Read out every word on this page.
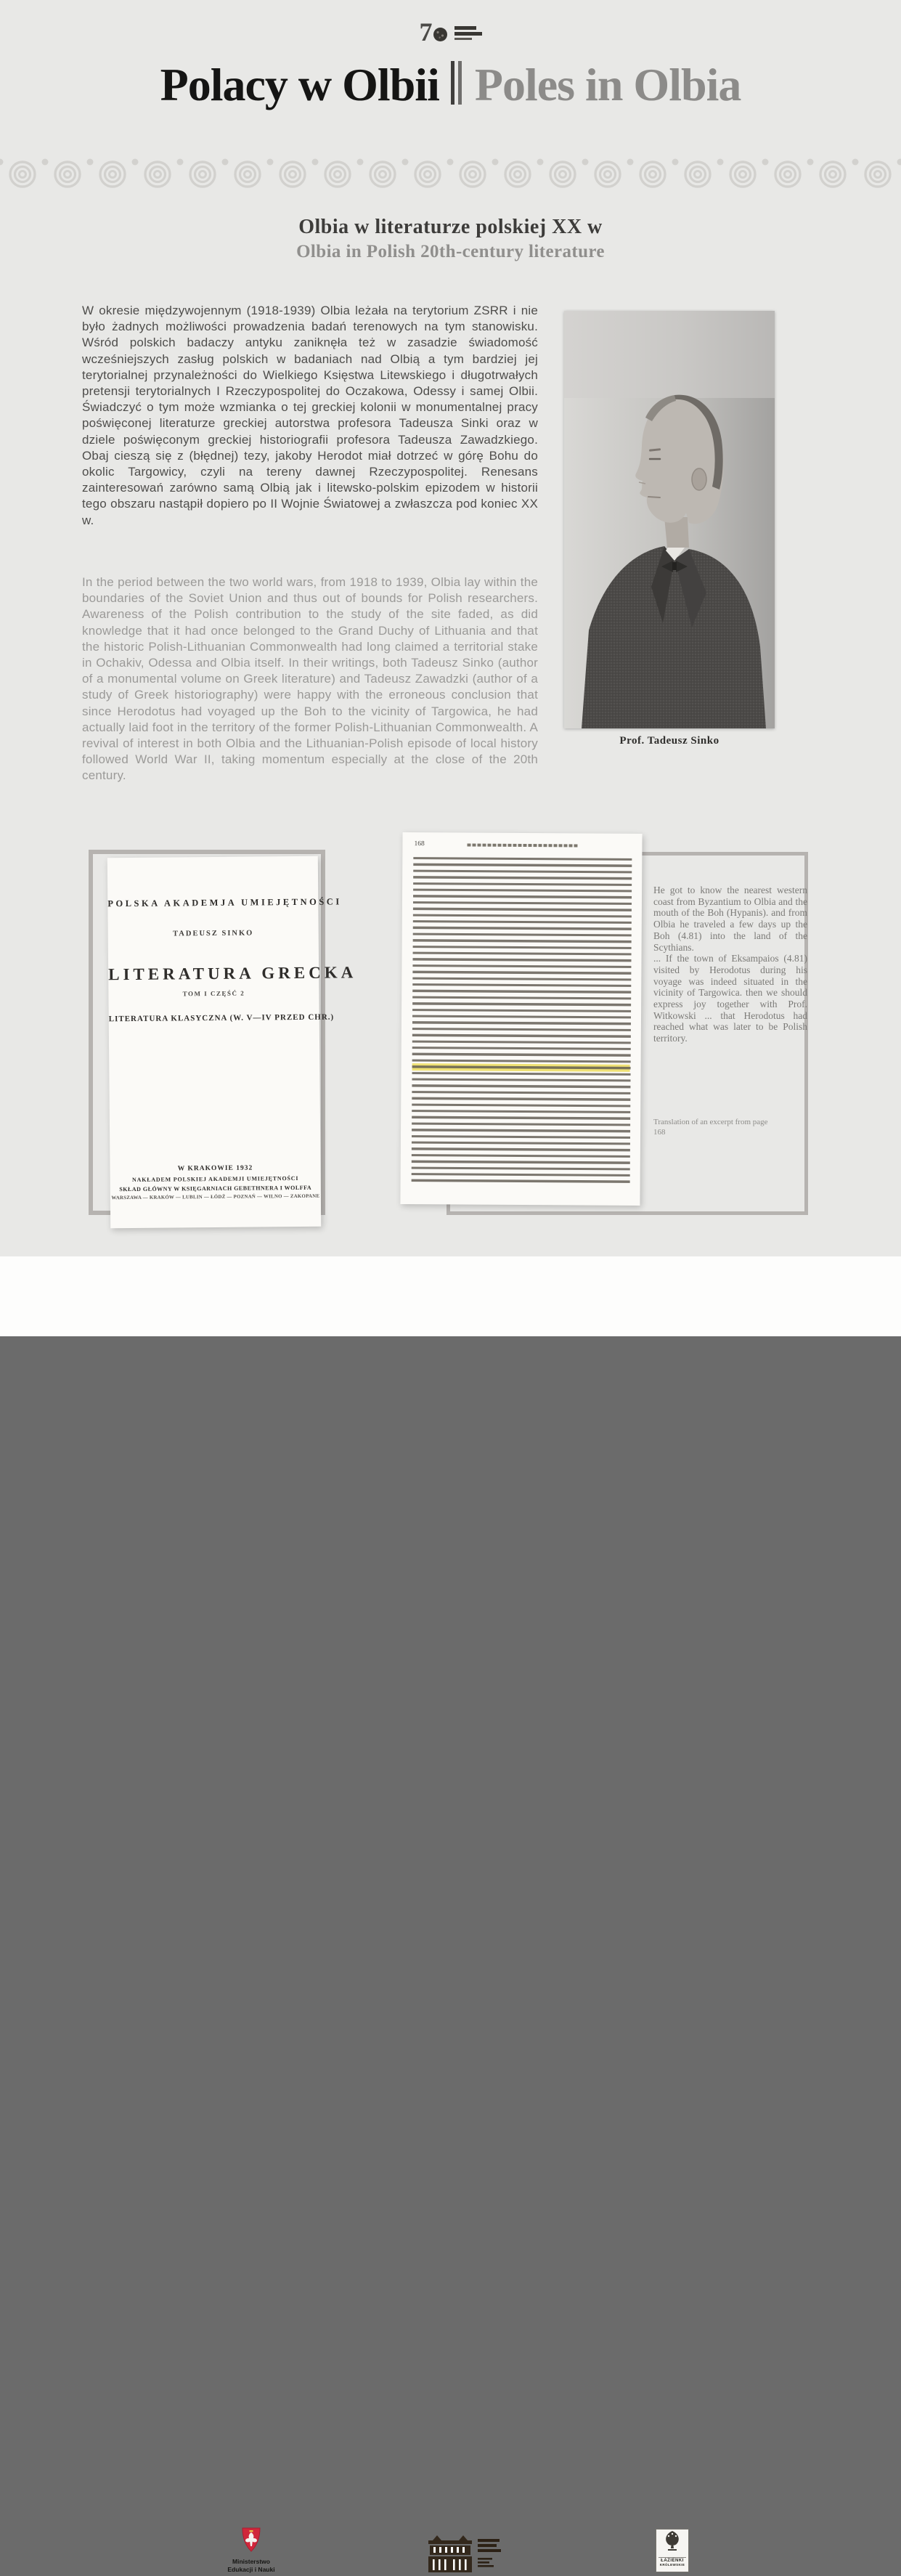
7
Polacy w Olbii Poles in Olbia
Olbia w literaturze polskiej XX w
Olbia in Polish 20th-century literature
W okresie międzywojennym (1918-1939) Olbia leżała na terytorium ZSRR i nie było żadnych możliwości prowadzenia badań terenowych na tym stanowisku. Wśród polskich badaczy antyku zaniknęła też w zasadzie świadomość wcześniejszych zasług polskich w badaniach nad Olbią a tym bardziej jej terytorialnej przynależności do Wielkiego Księstwa Litewskiego i długotrwałych pretensji terytorialnych I Rzeczypospolitej do Oczakowa, Odessy i samej Olbii. Świadczyć o tym może wzmianka o tej greckiej kolonii w monumentalnej pracy poświęconej literaturze greckiej autorstwa profesora Tadeusza Sinki oraz w dziele poświęconym greckiej historiografii profesora Tadeusza Zawadzkiego. Obaj cieszą się z (błędnej) tezy, jakoby Herodot miał dotrzeć w górę Bohu do okolic Targowicy, czyli na tereny dawnej Rzeczypospolitej. Renesans zainteresowań zarówno samą Olbią jak i litewsko-polskim epizodem w historii tego obszaru nastąpił dopiero po II Wojnie Światowej a zwłaszcza pod koniec XX w.
In the period between the two world wars, from 1918 to 1939, Olbia lay within the boundaries of the Soviet Union and thus out of bounds for Polish researchers. Awareness of the Polish contribution to the study of the site faded, as did knowledge that it had once belonged to the Grand Duchy of Lithuania and that the historic Polish-Lithuanian Commonwealth had long claimed a territorial stake in Ochakiv, Odessa and Olbia itself. In their writings, both Tadeusz Sinko (author of a monumental volume on Greek literature) and Tadeusz Zawadzki (author of a study of Greek historiography) were happy with the erroneous conclusion that since Herodotus had voyaged up the Boh to the vicinity of Targowica, he had actually laid foot in the territory of the former Polish-Lithuanian Commonwealth. A revival of interest in both Olbia and the Lithuanian-Polish episode of local history followed World War II, taking momentum especially at the close of the 20th century.
Prof. Tadeusz Sinko
POLSKA AKADEMJA UMIEJĘTNOŚCI
TADEUSZ SINKO
LITERATURA GRECKA
TOM I CZĘŚĆ 2
LITERATURA KLASYCZNA (W. V—IV PRZED CHR.)
W KRAKOWIE 1932
NAKŁADEM POLSKIEJ AKADEMJI UMIEJĘTNOŚCI
SKŁAD GŁÓWNY W KSIĘGARNIACH GEBETHNERA I WOLFFA
WARSZAWA — KRAKÓW — LUBLIN — ŁÓDŹ — POZNAŃ — WILNO — ZAKOPANE
168

He got to know the nearest western coast from Byzantium to Olbia and the mouth of the Boh (Hypanis). and from Olbia he traveled a few days up the Boh (4.81) into the land of the Scythians.

... If the town of Eksampaios (4.81) visited by Herodotus during his voyage was indeed situated in the vicinity of Targowica. then we should express joy together with Prof. Witkowski ... that Herodotus had reached what was later to be Polish territory.

Translation of an excerpt from page 168
Ministerstwo
Edukacji i Nauki
ŁAZIENKI
KRÓLEWSKIE
